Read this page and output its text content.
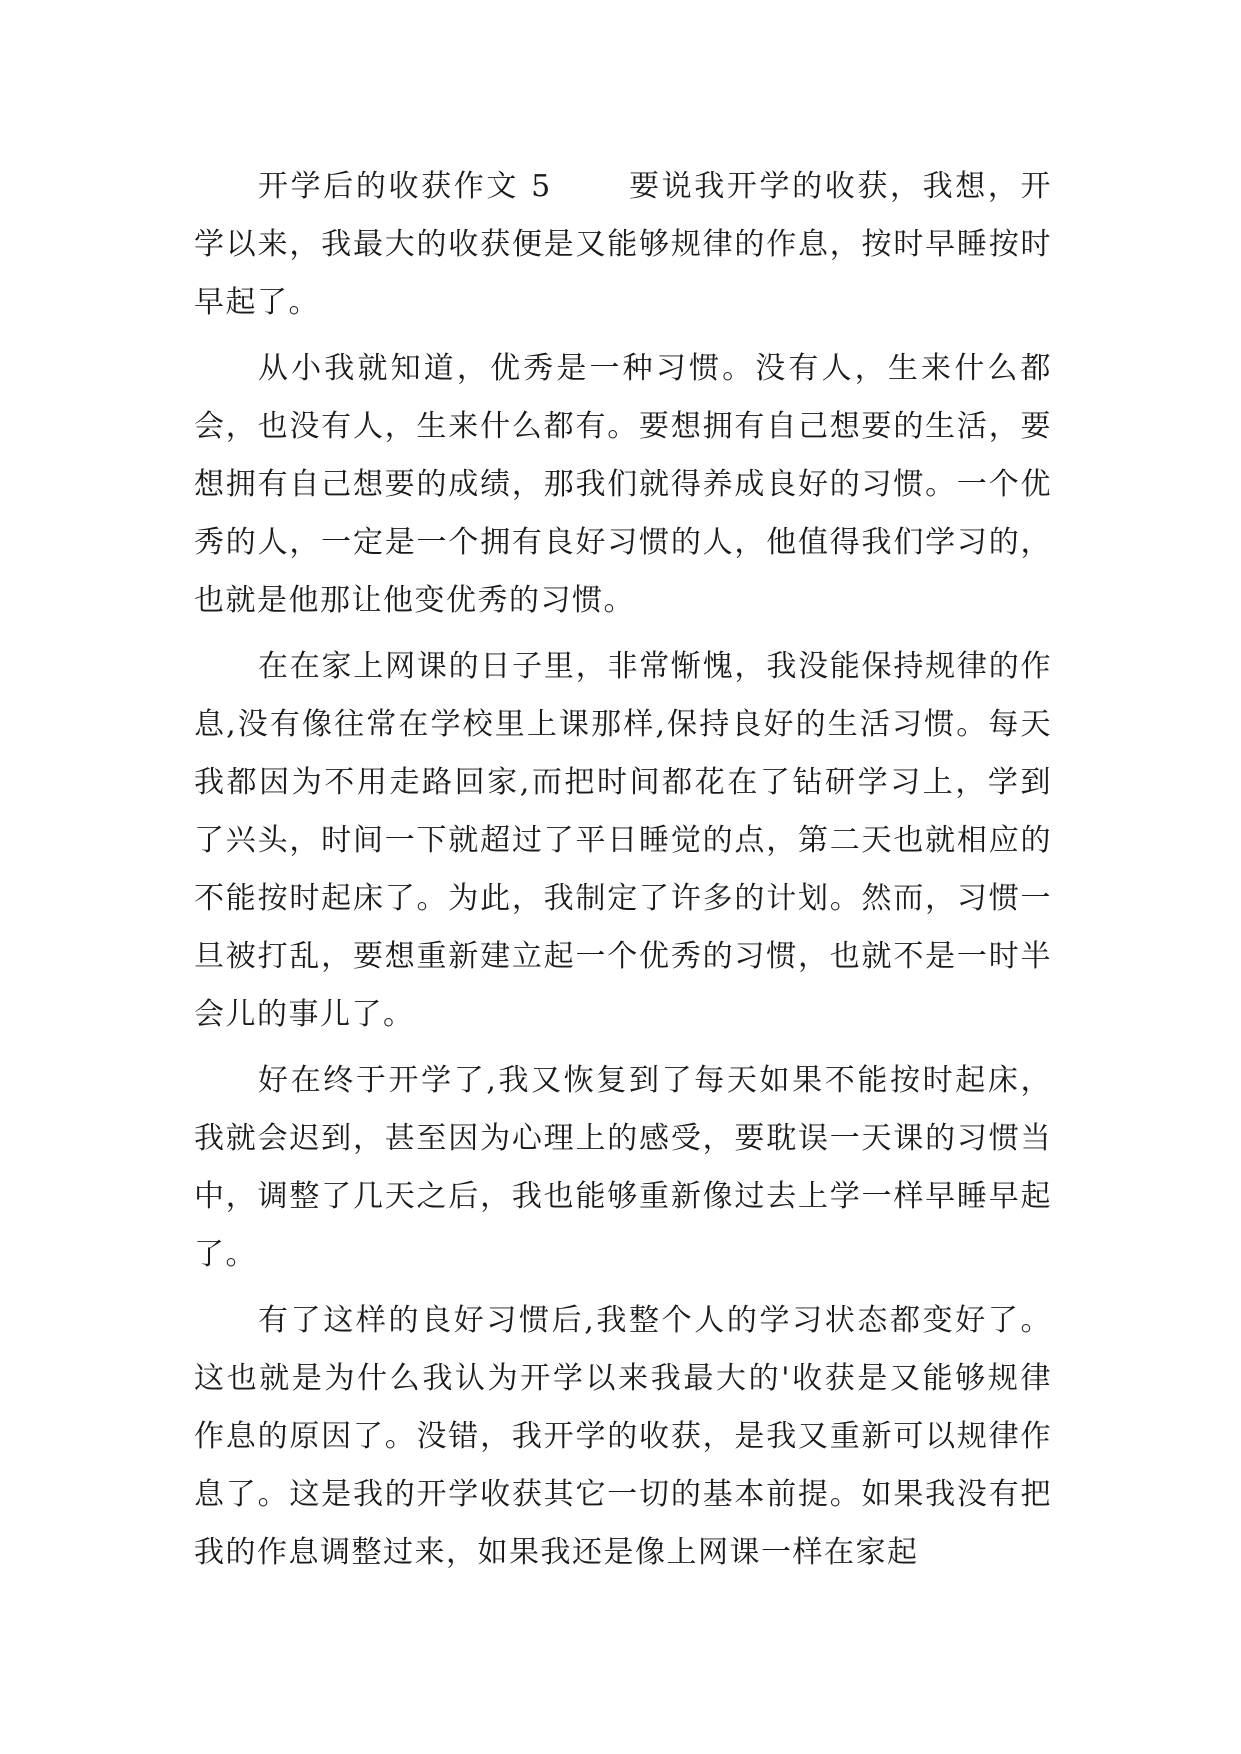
开学后的收获作文 5 　　要说我开学的收获，我想，开学以来，我最大的收获便是又能够规律的作息，按时早睡按时早起了。

从小我就知道，优秀是一种习惯。没有人，生来什么都会，也没有人，生来什么都有。要想拥有自己想要的生活，要想拥有自己想要的成绩，那我们就得养成良好的习惯。一个优秀的人，一定是一个拥有良好习惯的人，他值得我们学习的，也就是他那让他变优秀的习惯。

在在家上网课的日子里，非常惭愧，我没能保持规律的作息,没有像往常在学校里上课那样,保持良好的生活习惯。每天我都因为不用走路回家,而把时间都花在了钻研学习上，学到了兴头，时间一下就超过了平日睡觉的点，第二天也就相应的不能按时起床了。为此，我制定了许多的计划。然而，习惯一旦被打乱，要想重新建立起一个优秀的习惯，也就不是一时半会儿的事儿了。

好在终于开学了,我又恢复到了每天如果不能按时起床，我就会迟到，甚至因为心理上的感受，要耽误一天课的习惯当中，调整了几天之后，我也能够重新像过去上学一样早睡早起了。

有了这样的良好习惯后,我整个人的学习状态都变好了。这也就是为什么我认为开学以来我最大的'收获是又能够规律作息的原因了。没错，我开学的收获，是我又重新可以规律作息了。这是我的开学收获其它一切的基本前提。如果我没有把我的作息调整过来，如果我还是像上网课一样在家起
